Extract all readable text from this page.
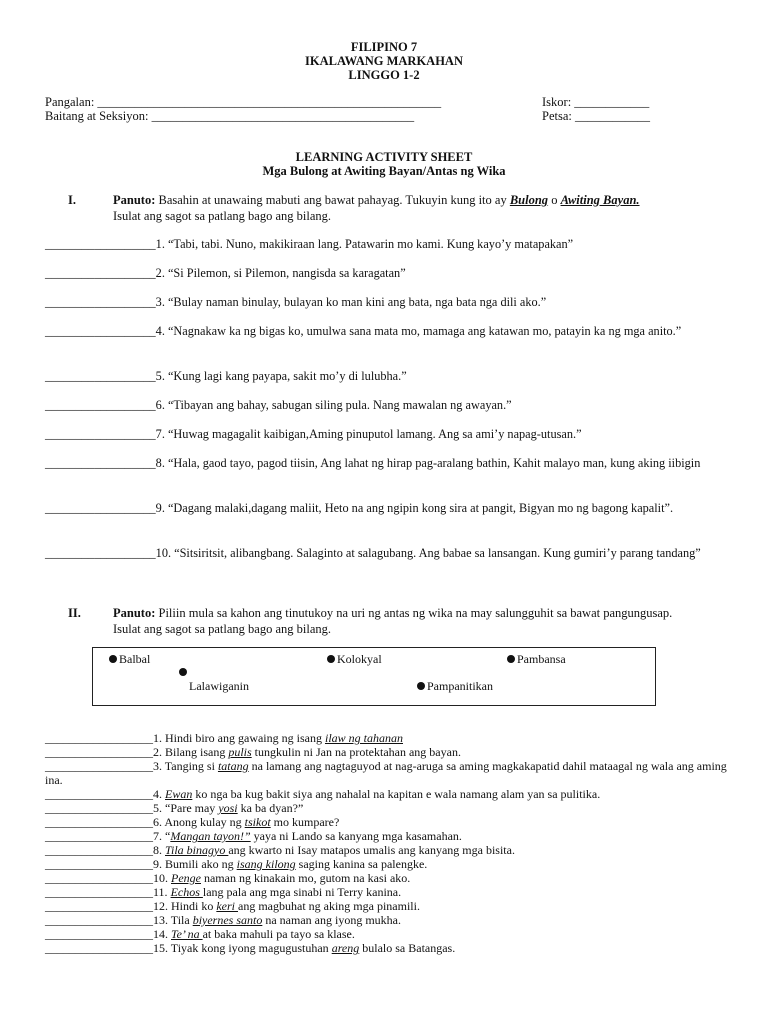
FILIPINO 7
IKALAWANG MARKAHAN
LINGGO 1-2
Pangalan: _______________________________________________________	Iskor: ____________
Baitang at Seksiyon: __________________________________________	Petsa: ____________
LEARNING ACTIVITY SHEET
Mga Bulong at Awiting Bayan/Antas ng Wika
I.	Panuto: Basahin at unawaing mabuti ang bawat pahayag. Tukuyin kung ito ay Bulong o Awiting Bayan.
Isulat ang sagot sa patlang bago ang bilang.
__________________1. “Tabi, tabi. Nuno, makikiraan lang. Patawarin mo kami. Kung kayo’y matapakan”
__________________2. “Si Pilemon, si Pilemon, nangisda sa karagatan”
__________________3. “Bulay naman binulay, bulayan ko man kini ang bata, nga bata nga dili ako.”
__________________4. “Nagnakaw ka ng bigas ko, umulwa sana mata mo, mamaga ang katawan mo, patayin ka ng mga anito.”
__________________5. “Kung lagi kang payapa, sakit mo’y di lulubha.”
__________________6. “Tibayan ang bahay, sabugan siling pula. Nang mawalan ng awayan.”
__________________7. “Huwag magagalit kaibigan,Aming pinuputol lamang. Ang sa ami’y napag-utusan.”
__________________8. “Hala, gaod tayo, pagod tiisin, Ang lahat ng hirap pag-aralang bathin, Kahit malayo man, kung aking iibigin
__________________9. “Dagang malaki,dagang maliit, Heto na ang ngipin kong sira at pangit, Bigyan mo ng bagong kapalit”.
__________________10. “Sitsiritsit, alibangbang. Salaginto at salagubang. Ang babae sa lansangan. Kung gumiri’y parang tandang”
II.	Panuto: Piliin mula sa kahon ang tinutukoy na uri ng antas ng wika na may salungguhit sa bawat pangungusap. Isulat ang sagot sa patlang bago ang bilang.
Balbal	Kolokyal	Pambansa
Lalawiganin	Pampanitikan
__________________1. Hindi biro ang gawaing ng isang ilaw ng tahanan
__________________2. Bilang isang pulis tungkulin ni Jan na protektahan ang bayan.
__________________3. Tanging si tatang na lamang ang nagtaguyod at nag-aruga sa aming magkakapatid dahil mataagal ng wala ang aming ina.
__________________4. Ewan ko nga ba kug bakit siya ang nahalal na kapitan e wala namang alam yan sa pulitika.
__________________5. “Pare may yosi ka ba dyan?”
__________________6. Anong kulay ng tsikot mo kumpare?
__________________7. “Mangan tayon!” yaya ni Lando sa kanyang mga kasamahan.
__________________8. Tila binagyo ang kwarto ni Isay matapos umalis ang kanyang mga bisita.
__________________9. Bumili ako ng isang kilong saging kanina sa palengke.
__________________10. Penge naman ng kinakain mo, gutom na kasi ako.
__________________11. Echos lang pala ang mga sinabi ni Terry kanina.
__________________12. Hindi ko keri ang magbuhat ng aking mga pinamili.
__________________13. Tila biyernes santo na naman ang iyong mukha.
__________________14. Te’ na at baka mahuli pa tayo sa klase.
__________________15. Tiyak kong iyong magugustuhan areng bulalo sa Batangas.
